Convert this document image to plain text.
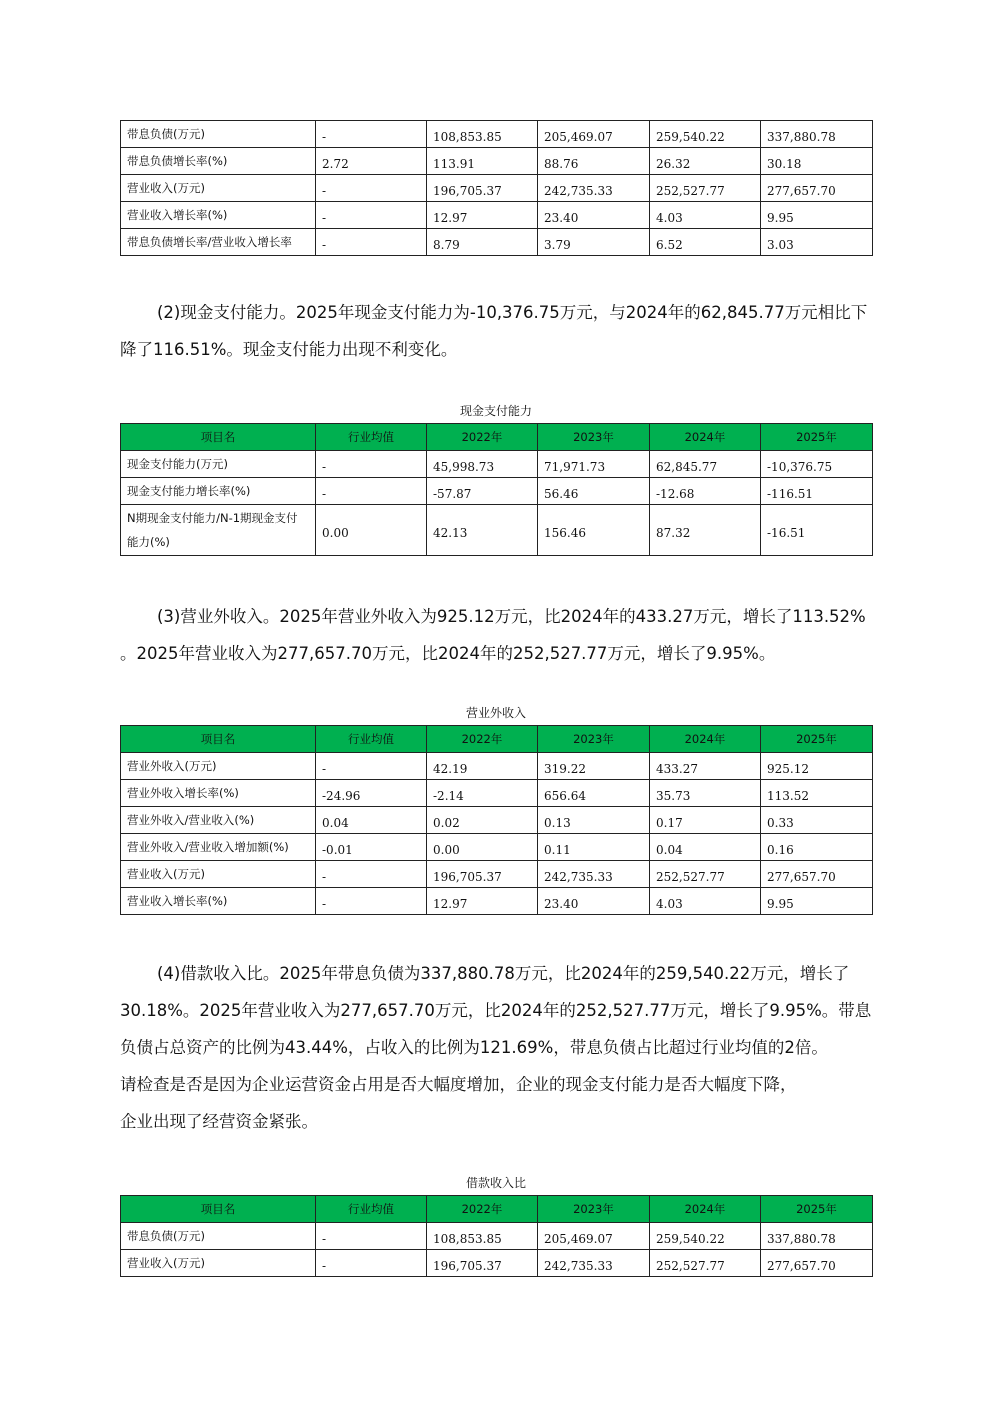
带息负债(万元)	-	108,853.85	205,469.07	259,540.22	337,880.78
带息负债增长率(%)	2.72	113.91	88.76	26.32	30.18
营业收入(万元)	-	196,705.37	242,735.33	252,527.77	277,657.70
营业收入增长率(%)	-	12.97	23.40	4.03	9.95
带息负债增长率/营业收入增长率	-	8.79	3.79	6.52	3.03
(2)现金支付能力。2025年现金支付能力为-10,376.75万元，与2024年的62,845.77万元相比下
降了116.51%。现金支付能力出现不利变化。
现金支付能力
项目名	行业均值	2022年	2023年	2024年	2025年
现金支付能力(万元)	-	45,998.73	71,971.73	62,845.77	-10,376.75
现金支付能力增长率(%)	-	-57.87	56.46	-12.68	-116.51
N期现金支付能力/N-1期现金支付能力(%)	0.00	42.13	156.46	87.32	-16.51
(3)营业外收入。2025年营业外收入为925.12万元，比2024年的433.27万元，增长了113.52%
。2025年营业收入为277,657.70万元，比2024年的252,527.77万元，增长了9.95%。
营业外收入
项目名	行业均值	2022年	2023年	2024年	2025年
营业外收入(万元)	-	42.19	319.22	433.27	925.12
营业外收入增长率(%)	-24.96	-2.14	656.64	35.73	113.52
营业外收入/营业收入(%)	0.04	0.02	0.13	0.17	0.33
营业外收入/营业收入增加额(%)	-0.01	0.00	0.11	0.04	0.16
营业收入(万元)	-	196,705.37	242,735.33	252,527.77	277,657.70
营业收入增长率(%)	-	12.97	23.40	4.03	9.95
(4)借款收入比。2025年带息负债为337,880.78万元，比2024年的259,540.22万元，增长了
30.18%。2025年营业收入为277,657.70万元，比2024年的252,527.77万元，增长了9.95%。带息
负债占总资产的比例为43.44%，占收入的比例为121.69%，带息负债占比超过行业均值的2倍。
请检查是否是因为企业运营资金占用是否大幅度增加，企业的现金支付能力是否大幅度下降，
企业出现了经营资金紧张。
借款收入比
项目名	行业均值	2022年	2023年	2024年	2025年
带息负债(万元)	-	108,853.85	205,469.07	259,540.22	337,880.78
营业收入(万元)	-	196,705.37	242,735.33	252,527.77	277,657.70
